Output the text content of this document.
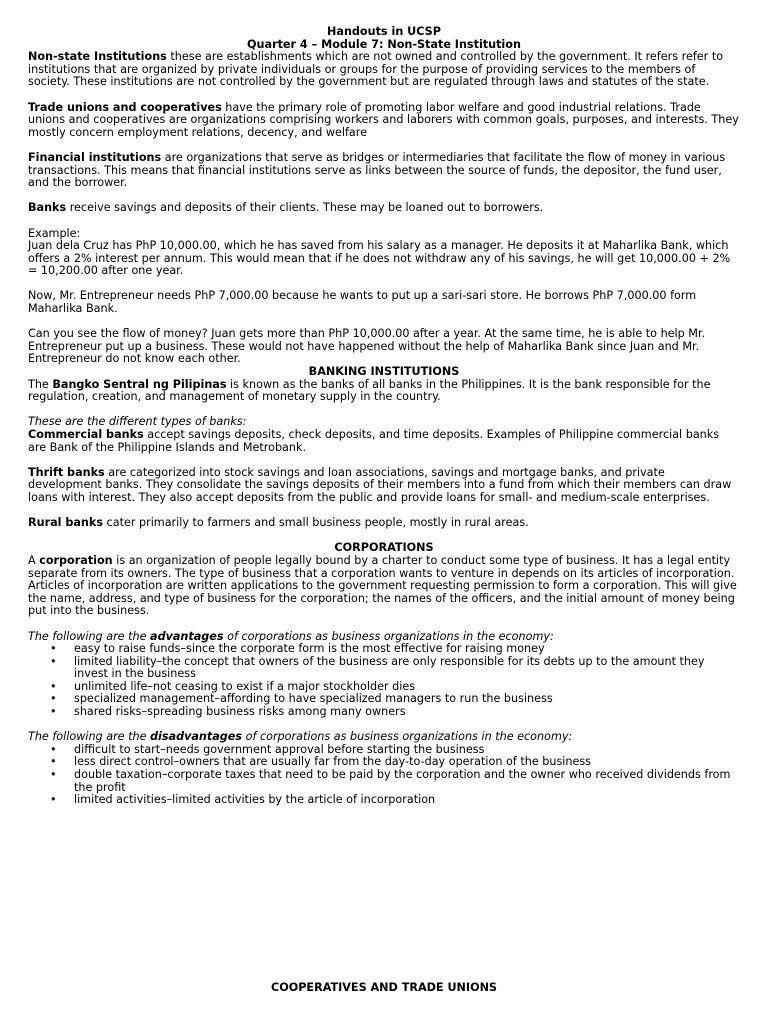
Handouts in UCSP

Quarter 4 – Module 7: Non-State Institution

Non-state Institutions these are establishments which are not owned and controlled by the government. It refers refer to institutions that are organized by private individuals or groups for the purpose of providing services to the members of society. These institutions are not controlled by the government but are regulated through laws and statutes of the state.

Trade unions and cooperatives have the primary role of promoting labor welfare and good industrial relations. Trade unions and cooperatives are organizations comprising workers and laborers with common goals, purposes, and interests. They mostly concern employment relations, decency, and welfare

Financial institutions are organizations that serve as bridges or intermediaries that facilitate the flow of money in various transactions. This means that financial institutions serve as links between the source of funds, the depositor, the fund user, and the borrower.

Banks receive savings and deposits of their clients. These may be loaned out to borrowers.

Example:

Juan dela Cruz has PhP 10,000.00, which he has saved from his salary as a manager. He deposits it at Maharlika Bank, which offers a 2% interest per annum. This would mean that if he does not withdraw any of his savings, he will get 10,000.00 + 2% = 10,200.00 after one year.

Now, Mr. Entrepreneur needs PhP 7,000.00 because he wants to put up a sari-sari store. He borrows PhP 7,000.00 form Maharlika Bank.

Can you see the flow of money? Juan gets more than PhP 10,000.00 after a year. At the same time, he is able to help Mr. Entrepreneur put up a business. These would not have happened without the help of Maharlika Bank since Juan and Mr. Entrepreneur do not know each other.

BANKING INSTITUTIONS

The Bangko Sentral ng Pilipinas is known as the banks of all banks in the Philippines. It is the bank responsible for the regulation, creation, and management of monetary supply in the country.

These are the different types of banks:

Commercial banks accept savings deposits, check deposits, and time deposits. Examples of Philippine commercial banks are Bank of the Philippine Islands and Metrobank.

Thrift banks are categorized into stock savings and loan associations, savings and mortgage banks, and private development banks. They consolidate the savings deposits of their members into a fund from which their members can draw loans with interest. They also accept deposits from the public and provide loans for small- and medium-scale enterprises.

Rural banks cater primarily to farmers and small business people, mostly in rural areas.

CORPORATIONS

A corporation is an organization of people legally bound by a charter to conduct some type of business. It has a legal entity separate from its owners. The type of business that a corporation wants to venture in depends on its articles of incorporation.

Articles of incorporation are written applications to the government requesting permission to form a corporation. This will give the name, address, and type of business for the corporation; the names of the officers, and the initial amount of money being put into the business.

The following are the advantages of corporations as business organizations in the economy:

• easy to raise funds–since the corporate form is the most effective for raising money
• limited liability–the concept that owners of the business are only responsible for its debts up to the amount they invest in the business
• unlimited life–not ceasing to exist if a major stockholder dies
• specialized management–affording to have specialized managers to run the business
• shared risks–spreading business risks among many owners

The following are the disadvantages of corporations as business organizations in the economy:

• difficult to start–needs government approval before starting the business
• less direct control–owners that are usually far from the day-to-day operation of the business
• double taxation–corporate taxes that need to be paid by the corporation and the owner who received dividends from the profit
• limited activities–limited activities by the article of incorporation
COOPERATIVES AND TRADE UNIONS
